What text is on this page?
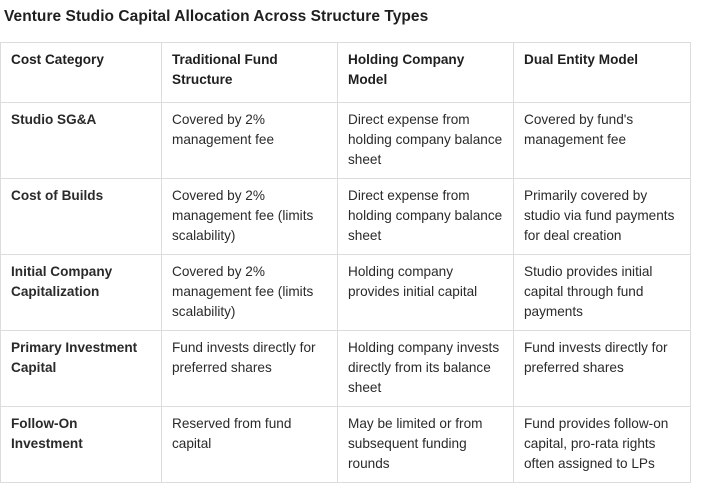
Venture Studio Capital Allocation Across Structure Types
Cost Category	Traditional Fund Structure	Holding Company Model	Dual Entity Model
Studio SG&A	Covered by 2% management fee	Direct expense from holding company balance sheet	Covered by fund's management fee
Cost of Builds	Covered by 2% management fee (limits scalability)	Direct expense from holding company balance sheet	Primarily covered by studio via fund payments for deal creation
Initial Company Capitalization	Covered by 2% management fee (limits scalability)	Holding company provides initial capital	Studio provides initial capital through fund payments
Primary Investment Capital	Fund invests directly for preferred shares	Holding company invests directly from its balance sheet	Fund invests directly for preferred shares
Follow-On Investment	Reserved from fund capital	May be limited or from subsequent funding rounds	Fund provides follow-on capital, pro-rata rights often assigned to LPs
